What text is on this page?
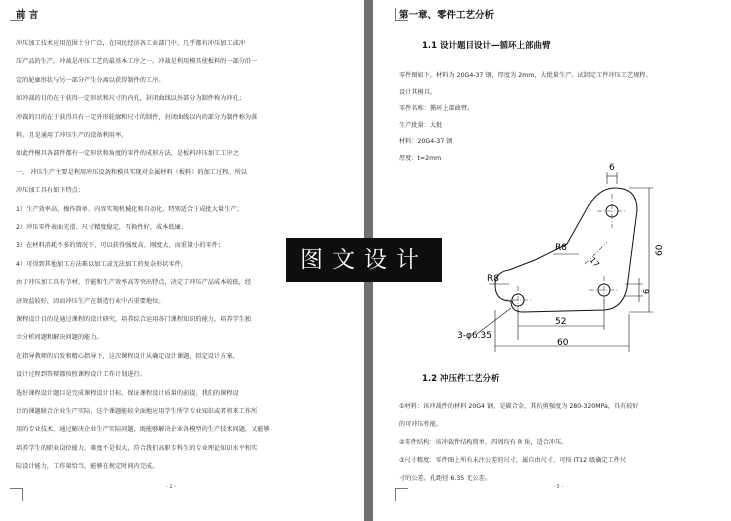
前 言
冲压加工技术应用范围十分广泛，在国民经济各工业部门中，几乎都有冲压加工或冲
压产品的生产。冲裁是冲压工艺的最基本工序之一。冲裁是利用模具使板料的一部分沿一
定的轮廓形状与另一部分产生分离以获得制件的工序。
如冲裁的目的在于获得一定形状和尺寸的内孔，封闭曲线以外部分为制件称为冲孔；
冲裁的目的在于获得具有一定外形轮廓和尺寸的制件，封闭曲线以内的部分为制件称为落
料。且是通用了冲压生产的设备利用率。
如此件模具各部件都有一定形状和角度的零件的成形方法，是板料冲压加工工序之
一。 冲压生产主要是利用冲压设备和模具实现对金属材料（板料）的加工过程。所以
冲压加工具有如下特点：
1）生产效率高、操作简单、内容实现机械化和自动化，特别适合于成批大量生产；
2）冲压零件表面光滑、尺寸精度稳定，互换性好，成本低廉；
3）在材料消耗不多的情况下，可以获得强度高、刚度大、而重量小的零件；
4）可得到其他加工方法难以加工或无法加工的复杂形状零件。
由于冲压加工具有节材、节能和生产效率高等突出特点，决定了冲压产品成本较低，经
济效益较好，因而冲压生产在制造行业中占重要地位。
课程设计目的是通过课程的设计研究，培养综合运用各门课程知识的能力，培养学生独
立分析问题和解决问题的能力。
在指导教师的启发和精心指导下，这次课程设计从确定设计课题、拟定设计方案、
设计过程到答辩都按照课程设计工作计划进行。
选好课程设计题目是完成课程设计目标、保证课程设计质量的前提，我们的课程设
计的课题联合企业生产实际，这个课题能较全面地应用学生所学专业知识或者将来工作所
用的专业技术，通过解决企业生产实际问题，既能够解决企业各模型的生产技术问题，又能够
培养学生的职业岗位能力，难度不是很大，符合我们高职专科生的专业理论知识水平和实
际设计能力，工作量恰当，能够在规定时间内完成。
- 2 -
第一章、零件工艺分析
1.1 设计题目设计—循环上部曲臂
零件图如下，材料为 20G4-37 钢，厚度为 2mm，大批量生产。试制定工件冲压工艺规程、
设计其模具。
零件名称：循环上部曲臂。
生产批量：大批
材料：20G4-37 钢
厚度：t=2mm
6
R8	60
17
R8
6
3-φ6.35
52
60
1.2 冲压件工艺分析
①材料：该冲裁件的材料 20G4 钢，是碳合金，其抗剪强度为 280-320MPa，具有较好
的可冲压性能。
②零件结构：该冲裁件结构简单，四周均有 R 角，适合冲压。
③尺寸精度：零件图上所有未注公差的尺寸，属自由尺寸，可按 IT12 级确定工件尺
寸的公差。孔距径 6.35 无公差。
- 3 -
图文设计
